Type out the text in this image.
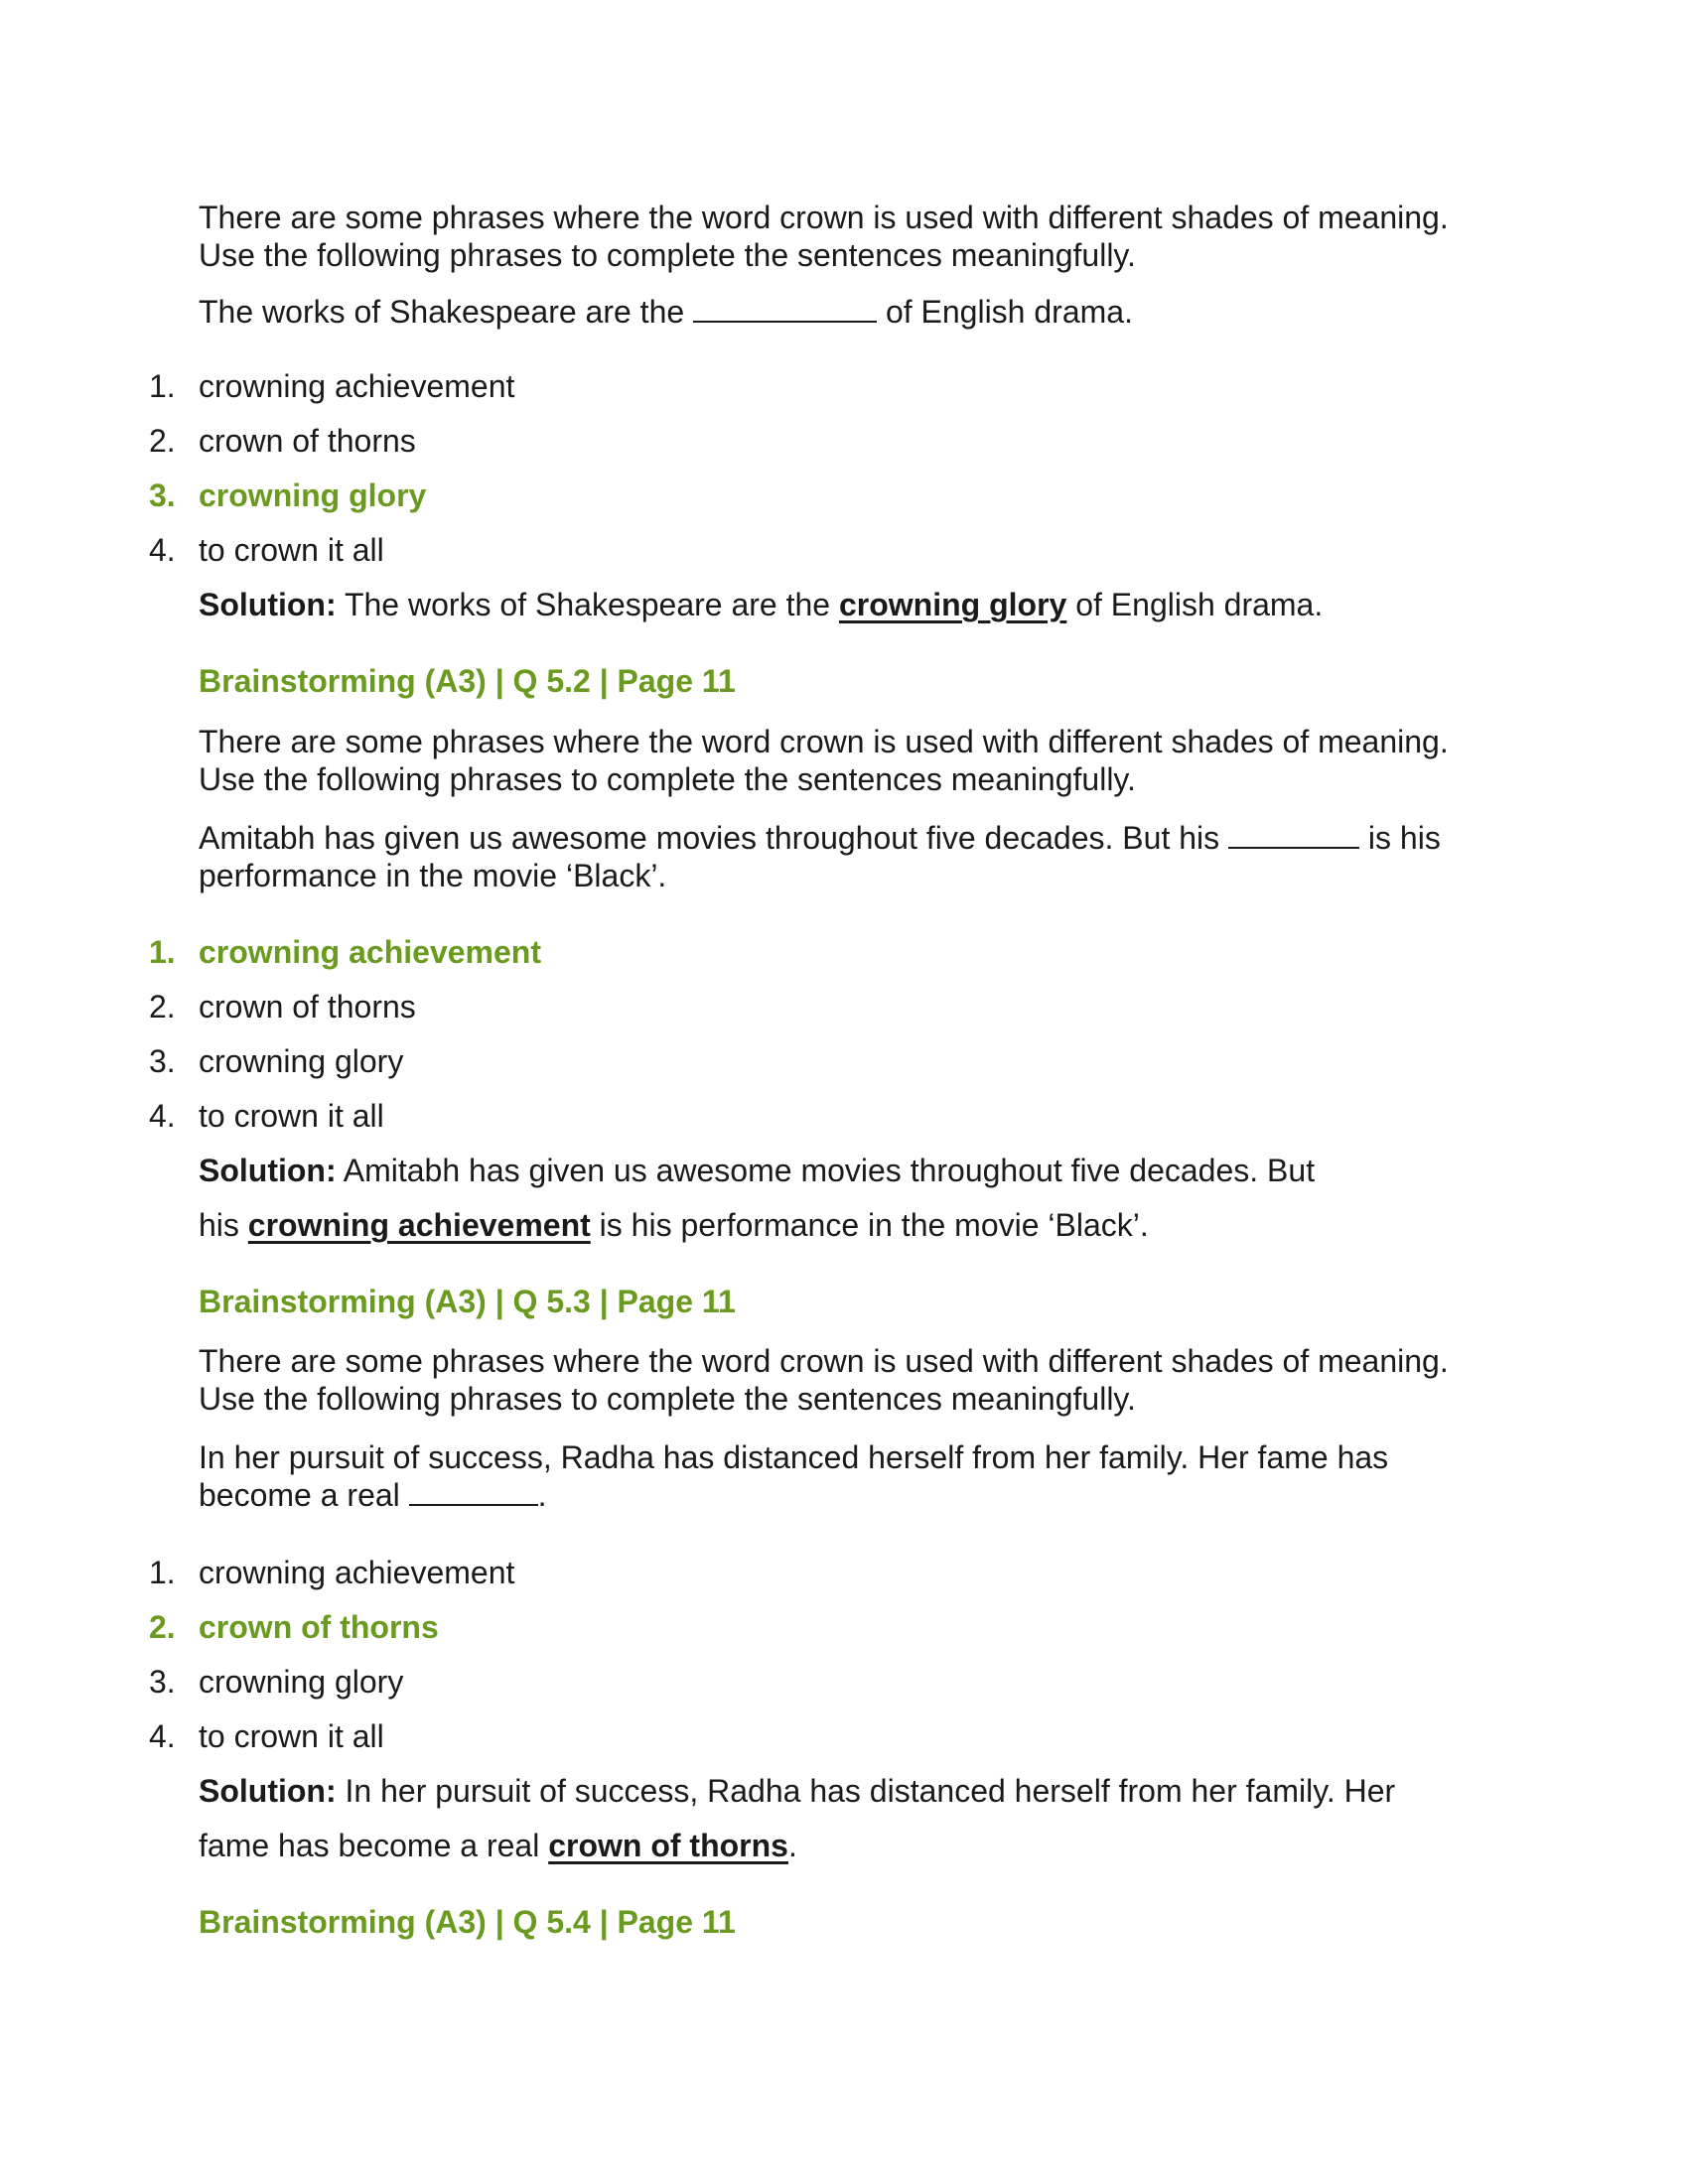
There are some phrases where the word crown is used with different shades of meaning. Use the following phrases to complete the sentences meaningfully.

The works of Shakespeare are the	of English drama.

1. crowning achievement

2. crown of thorns

3. crowning glory

4. to crown it all

Solution: The works of Shakespeare are the crowning glory of English drama.

Brainstorming (A3) | Q 5.2 | Page 11

There are some phrases where the word crown is used with different shades of meaning. Use the following phrases to complete the sentences meaningfully.

Amitabh has given us awesome movies throughout five decades. But his	is his performance in the movie ‘Black’.

1. crowning achievement

2. crown of thorns

3. crowning glory

4. to crown it all

Solution: Amitabh has given us awesome movies throughout five decades. But

his crowning achievement is his performance in the movie ‘Black’.

Brainstorming (A3) | Q 5.3 | Page 11

There are some phrases where the word crown is used with different shades of meaning. Use the following phrases to complete the sentences meaningfully.

In her pursuit of success, Radha has distanced herself from her family. Her fame has become a real	.

1. crowning achievement

2. crown of thorns

3. crowning glory

4. to crown it all

Solution: In her pursuit of success, Radha has distanced herself from her family. Her

fame has become a real crown of thorns.

Brainstorming (A3) | Q 5.4 | Page 11
